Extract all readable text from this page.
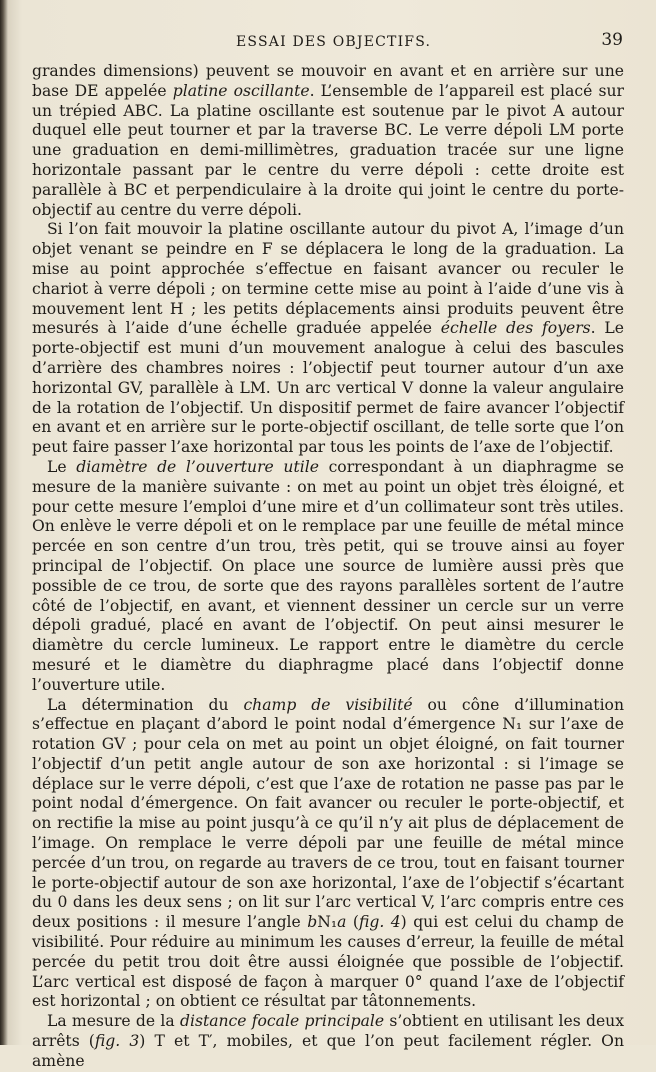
ESSAI DES OBJECTIFS.	39

grandes dimensions) peuvent se mouvoir en avant et en arrière sur une base DE appelée platine oscillante. L’ensemble de l’appareil est placé sur un trépied ABC. La platine oscillante est soutenue par le pivot A autour duquel elle peut tourner et par la traverse BC. Le verre dépoli LM porte une graduation en demi-millimètres, graduation tracée sur une ligne horizontale passant par le centre du verre dépoli : cette droite est parallèle à BC et perpendiculaire à la droite qui joint le centre du porte-objectif au centre du verre dépoli.

Si l’on fait mouvoir la platine oscillante autour du pivot A, l’image d’un objet venant se peindre en F se déplacera le long de la graduation. La mise au point approchée s’effectue en faisant avancer ou reculer le chariot à verre dépoli ; on termine cette mise au point à l’aide d’une vis à mouvement lent H ; les petits déplacements ainsi produits peuvent être mesurés à l’aide d’une échelle graduée appelée échelle des foyers. Le porte-objectif est muni d’un mouvement analogue à celui des bascules d’arrière des chambres noires : l’objectif peut tourner autour d’un axe horizontal GV, parallèle à LM. Un arc vertical V donne la valeur angulaire de la rotation de l’objectif. Un dispositif permet de faire avancer l’objectif en avant et en arrière sur le porte-objectif oscillant, de telle sorte que l’on peut faire passer l’axe horizontal par tous les points de l’axe de l’objectif.

Le diamètre de l’ouverture utile correspondant à un diaphragme se mesure de la manière suivante : on met au point un objet très éloigné, et pour cette mesure l’emploi d’une mire et d’un collimateur sont très utiles. On enlève le verre dépoli et on le remplace par une feuille de métal mince percée en son centre d’un trou, très petit, qui se trouve ainsi au foyer principal de l’objectif. On place une source de lumière aussi près que possible de ce trou, de sorte que des rayons parallèles sortent de l’autre côté de l’objectif, en avant, et viennent dessiner un cercle sur un verre dépoli gradué, placé en avant de l’objectif. On peut ainsi mesurer le diamètre du cercle lumineux. Le rapport entre le diamètre du cercle mesuré et le diamètre du diaphragme placé dans l’objectif donne l’ouverture utile.

La détermination du champ de visibilité ou cône d’illumination s’effectue en plaçant d’abord le point nodal d’émergence N₁ sur l’axe de rotation GV ; pour cela on met au point un objet éloigné, on fait tourner l’objectif d’un petit angle autour de son axe horizontal : si l’image se déplace sur le verre dépoli, c’est que l’axe de rotation ne passe pas par le point nodal d’émergence. On fait avancer ou reculer le porte-objectif, et on rectifie la mise au point jusqu’à ce qu’il n’y ait plus de déplacement de l’image. On remplace le verre dépoli par une feuille de métal mince percée d’un trou, on regarde au travers de ce trou, tout en faisant tourner le porte-objectif autour de son axe horizontal, l’axe de l’objectif s’écartant du 0 dans les deux sens ; on lit sur l’arc vertical V, l’arc compris entre ces deux positions : il mesure l’angle bN₁a (fig. 4) qui est celui du champ de visibilité. Pour réduire au minimum les causes d’erreur, la feuille de métal percée du petit trou doit être aussi éloignée que possible de l’objectif. L’arc vertical est disposé de façon à marquer 0° quand l’axe de l’objectif est horizontal ; on obtient ce résultat par tâtonnements.

La mesure de la distance focale principale s’obtient en utilisant les deux arrêts (fig. 3) T et T′, mobiles, et que l’on peut facilement régler. On amène
